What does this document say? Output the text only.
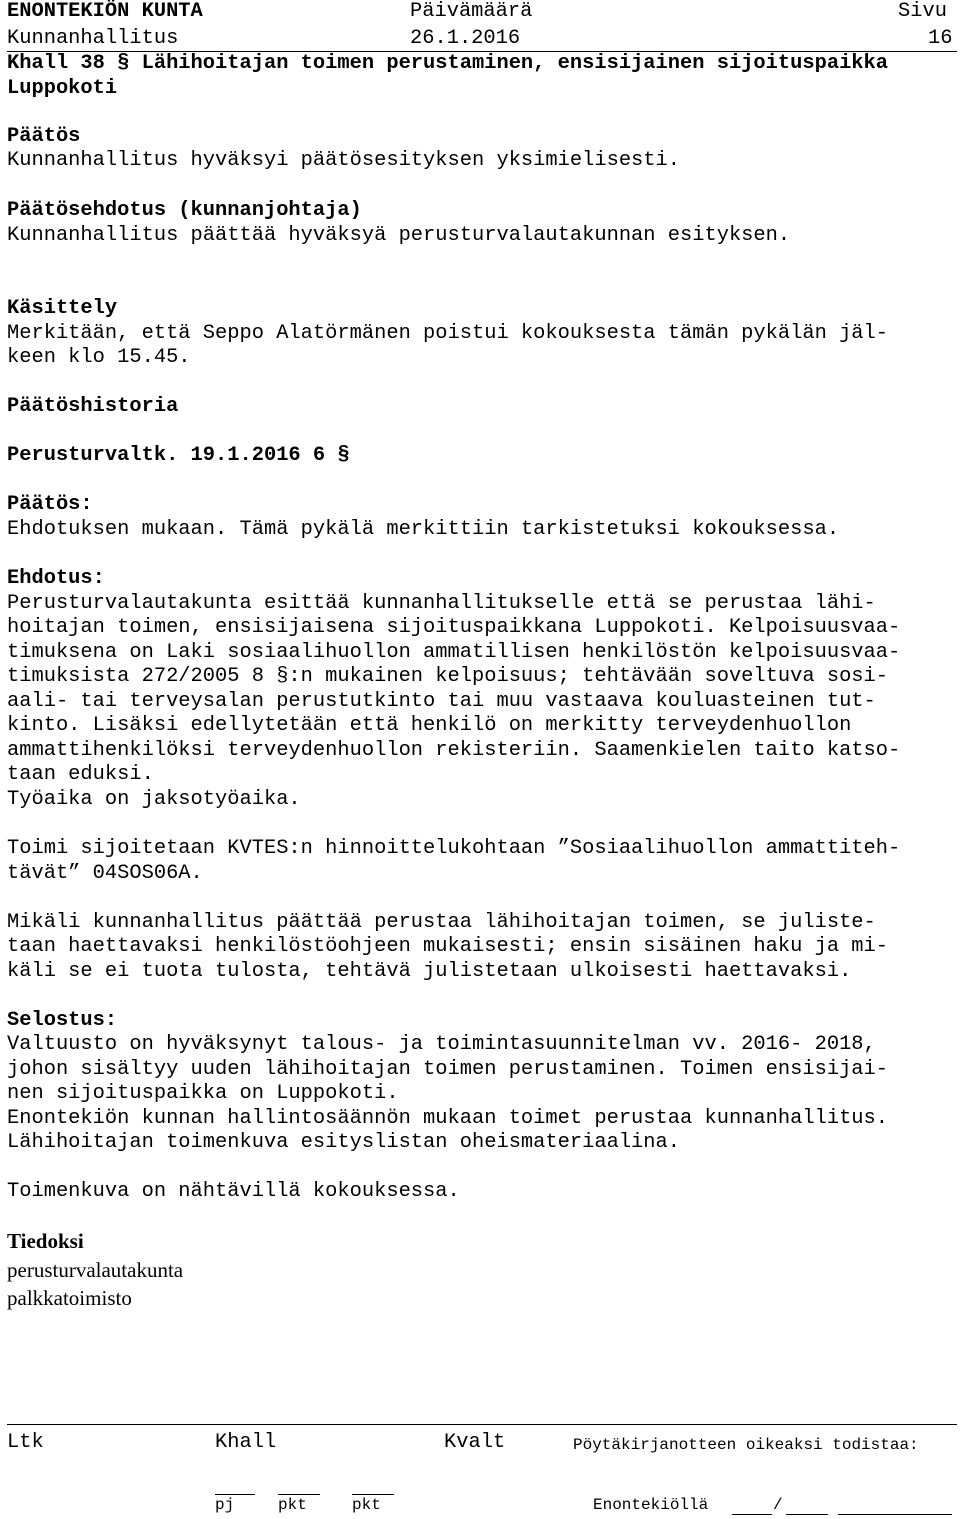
ENONTEKIÖN KUNTA	Päivämäärä	Sivu
Kunnanhallitus	26.1.2016	16
Khall 38 § Lähihoitajan toimen perustaminen, ensisijainen sijoituspaikka
Luppokoti
Päätös
Kunnanhallitus hyväksyi päätösesityksen yksimielisesti.
Päätösehdotus (kunnanjohtaja)
Kunnanhallitus päättää hyväksyä perusturvalautakunnan esityksen.
Käsittely
Merkitään, että Seppo Alatörmänen poistui kokouksesta tämän pykälän jäl-
keen klo 15.45.
Päätöshistoria
Perusturvaltk. 19.1.2016 6 §
Päätös:
Ehdotuksen mukaan. Tämä pykälä merkittiin tarkistetuksi kokouksessa.
Ehdotus:
Perusturvalautakunta esittää kunnanhallitukselle että se perustaa lähi-
hoitajan toimen, ensisijaisena sijoituspaikkana Luppokoti. Kelpoisuusvaa-
timuksena on Laki sosiaalihuollon ammatillisen henkilöstön kelpoisuusvaa-
timuksista 272/2005 8 §:n mukainen kelpoisuus; tehtävään soveltuva sosi-
aali- tai terveysalan perustutkinto tai muu vastaava kouluasteinen tut-
kinto. Lisäksi edellytetään että henkilö on merkitty terveydenhuollon
ammattihenkilöksi terveydenhuollon rekisteriin. Saamenkielen taito katso-
taan eduksi.
Työaika on jaksotyöaika.
Toimi sijoitetaan KVTES:n hinnoittelukohtaan ”Sosiaalihuollon ammattiteh-
tävät” 04SOS06A.
Mikäli kunnanhallitus päättää perustaa lähihoitajan toimen, se juliste-
taan haettavaksi henkilöstöohjeen mukaisesti; ensin sisäinen haku ja mi-
käli se ei tuota tulosta, tehtävä julistetaan ulkoisesti haettavaksi.
Selostus:
Valtuusto on hyväksynyt talous- ja toimintasuunnitelman vv. 2016- 2018,
johon sisältyy uuden lähihoitajan toimen perustaminen. Toimen ensisijai-
nen sijoituspaikka on Luppokoti.
Enontekiön kunnan hallintosäännön mukaan toimet perustaa kunnanhallitus.
Lähihoitajan toimenkuva esityslistan oheismateriaalina.
Toimenkuva on nähtävillä kokouksessa.
Tiedoksi
perusturvalautakunta
palkkatoimisto
Ltk	Khall	Kvalt	Pöytäkirjanotteen oikeaksi todistaa:
pj	pkt	pkt	Enontekiöllä	/
